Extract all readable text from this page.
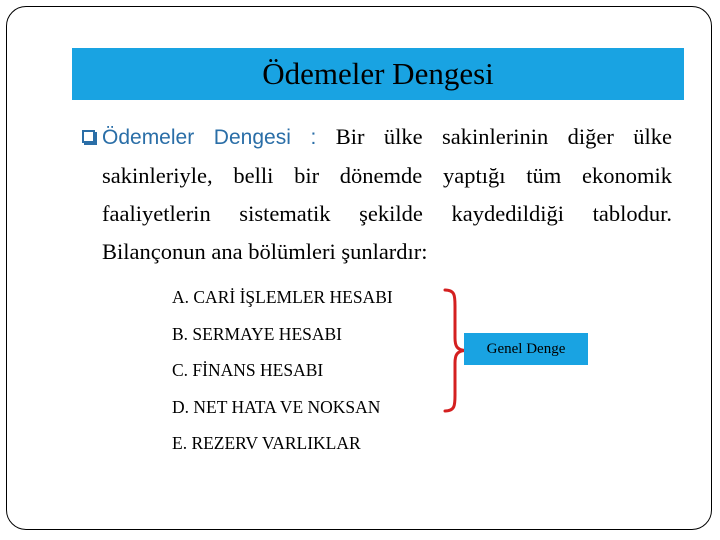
Ödemeler Dengesi

Ödemeler Dengesi : Bir ülke sakinlerinin diğer ülke sakinleriyle, belli bir dönemde yaptığı tüm ekonomik faaliyetlerin sistematik şekilde kaydedildiği tablodur. Bilançonun ana bölümleri şunlardır:

A. CARİ İŞLEMLER HESABI
B. SERMAYE HESABI
C. FİNANS HESABI
D. NET HATA VE NOKSAN
E. REZERV VARLIKLAR
Genel Denge
